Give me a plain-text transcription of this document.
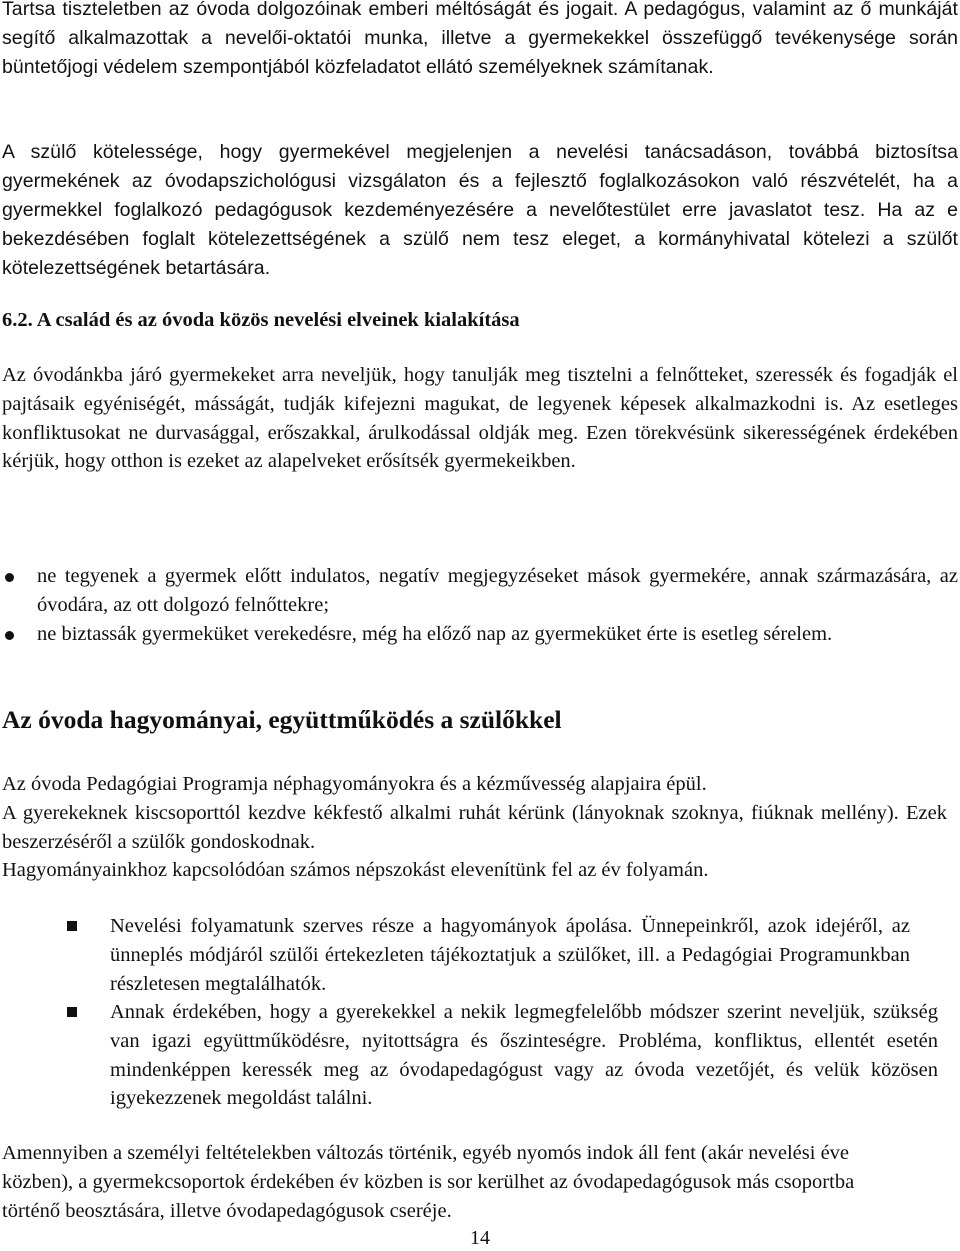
Tartsa tiszteletben az óvoda dolgozóinak emberi méltóságát és jogait. A pedagógus, valamint az ő munkáját segítő alkalmazottak a nevelői-oktatói munka, illetve a gyermekekkel összefüggő tevékenysége során büntetőjogi védelem szempontjából közfeladatot ellátó személyeknek számítanak.

A szülő kötelessége, hogy gyermekével megjelenjen a nevelési tanácsadáson, továbbá biztosítsa gyermekének az óvodapszichológusi vizsgálaton és a fejlesztő foglalkozásokon való részvételét, ha a gyermekkel foglalkozó pedagógusok kezdeményezésére a nevelőtestület erre javaslatot tesz. Ha az e bekezdésében foglalt kötelezettségének a szülő nem tesz eleget, a kormányhivatal kötelezi a szülőt kötelezettségének betartására.

6.2. A család és az óvoda közös nevelési elveinek kialakítása

Az óvodánkba járó gyermekeket arra neveljük, hogy tanulják meg tisztelni a felnőtteket, szeressék és fogadják el pajtásaik egyéniségét, másságát, tudják kifejezni magukat, de legyenek képesek alkalmazkodni is. Az esetleges konfliktusokat ne durvasággal, erőszakkal, árulkodással oldják meg. Ezen törekvésünk sikerességének érdekében kérjük, hogy otthon is ezeket az alapelveket erősítsék gyermekeikben.

ne tegyenek a gyermek előtt indulatos, negatív megjegyzéseket mások gyermekére, annak származására, az óvodára, az ott dolgozó felnőttekre;

ne biztassák gyermeküket verekedésre, még ha előző nap az gyermeküket érte is esetleg sérelem.

Az óvoda hagyományai, együttműködés a szülőkkel

Az óvoda Pedagógiai Programja néphagyományokra és a kézművesség alapjaira épül.

A gyerekeknek kiscsoporttól kezdve kékfestő alkalmi ruhát kérünk (lányoknak szoknya, fiúknak mellény). Ezek beszerzéséről a szülők gondoskodnak.

Hagyományainkhoz kapcsolódóan számos népszokást elevenítünk fel az év folyamán.

Nevelési folyamatunk szerves része a hagyományok ápolása. Ünnepeinkről, azok idejéről, az ünneplés módjáról szülői értekezleten tájékoztatjuk a szülőket, ill. a Pedagógiai Programunkban részletesen megtalálhatók.

Annak érdekében, hogy a gyerekekkel a nekik legmegfelelőbb módszer szerint neveljük, szükség van igazi együttműködésre, nyitottságra és őszinteségre. Probléma, konfliktus, ellentét esetén mindenképpen keressék meg az óvodapedagógust vagy az óvoda vezetőjét, és velük közösen igyekezzenek megoldást találni.

Amennyiben a személyi feltételekben változás történik, egyéb nyomós indok áll fent (akár nevelési éve közben), a gyermekcsoportok érdekében év közben is sor kerülhet az óvodapedagógusok más csoportba történő beosztására, illetve óvodapedagógusok cseréje.

14
